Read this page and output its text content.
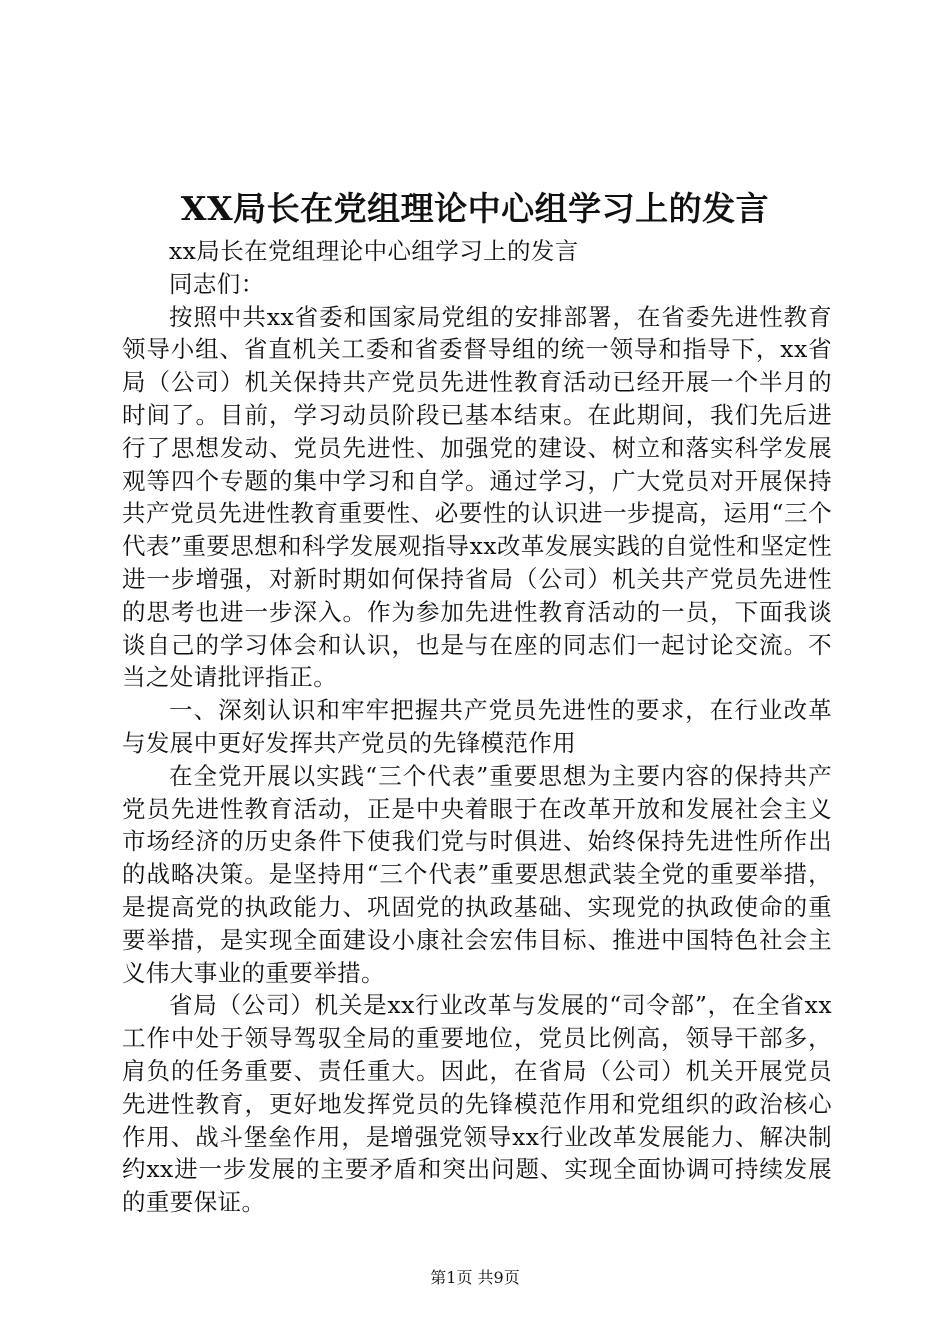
XX局长在党组理论中心组学习上的发言

xx局长在党组理论中心组学习上的发言

同志们：

按照中共xx省委和国家局党组的安排部署，在省委先进性教育领导小组、省直机关工委和省委督导组的统一领导和指导下，xx省局（公司）机关保持共产党员先进性教育活动已经开展一个半月的时间了。目前，学习动员阶段已基本结束。在此期间，我们先后进行了思想发动、党员先进性、加强党的建设、树立和落实科学发展观等四个专题的集中学习和自学。通过学习，广大党员对开展保持共产党员先进性教育重要性、必要性的认识进一步提高，运用“三个代表”重要思想和科学发展观指导xx改革发展实践的自觉性和坚定性进一步增强，对新时期如何保持省局（公司）机关共产党员先进性的思考也进一步深入。作为参加先进性教育活动的一员，下面我谈谈自己的学习体会和认识，也是与在座的同志们一起讨论交流。不当之处请批评指正。

一、深刻认识和牢牢把握共产党员先进性的要求，在行业改革与发展中更好发挥共产党员的先锋模范作用

在全党开展以实践“三个代表”重要思想为主要内容的保持共产党员先进性教育活动，正是中央着眼于在改革开放和发展社会主义市场经济的历史条件下使我们党与时俱进、始终保持先进性所作出的战略决策。是坚持用“三个代表”重要思想武装全党的重要举措，是提高党的执政能力、巩固党的执政基础、实现党的执政使命的重要举措，是实现全面建设小康社会宏伟目标、推进中国特色社会主义伟大事业的重要举措。

省局（公司）机关是xx行业改革与发展的“司令部”，在全省xx工作中处于领导驾驭全局的重要地位，党员比例高，领导干部多，肩负的任务重要、责任重大。因此，在省局（公司）机关开展党员先进性教育，更好地发挥党员的先锋模范作用和党组织的政治核心作用、战斗堡垒作用，是增强党领导xx行业改革发展能力、解决制约xx进一步发展的主要矛盾和突出问题、实现全面协调可持续发展的重要保证。

第1页 共9页
